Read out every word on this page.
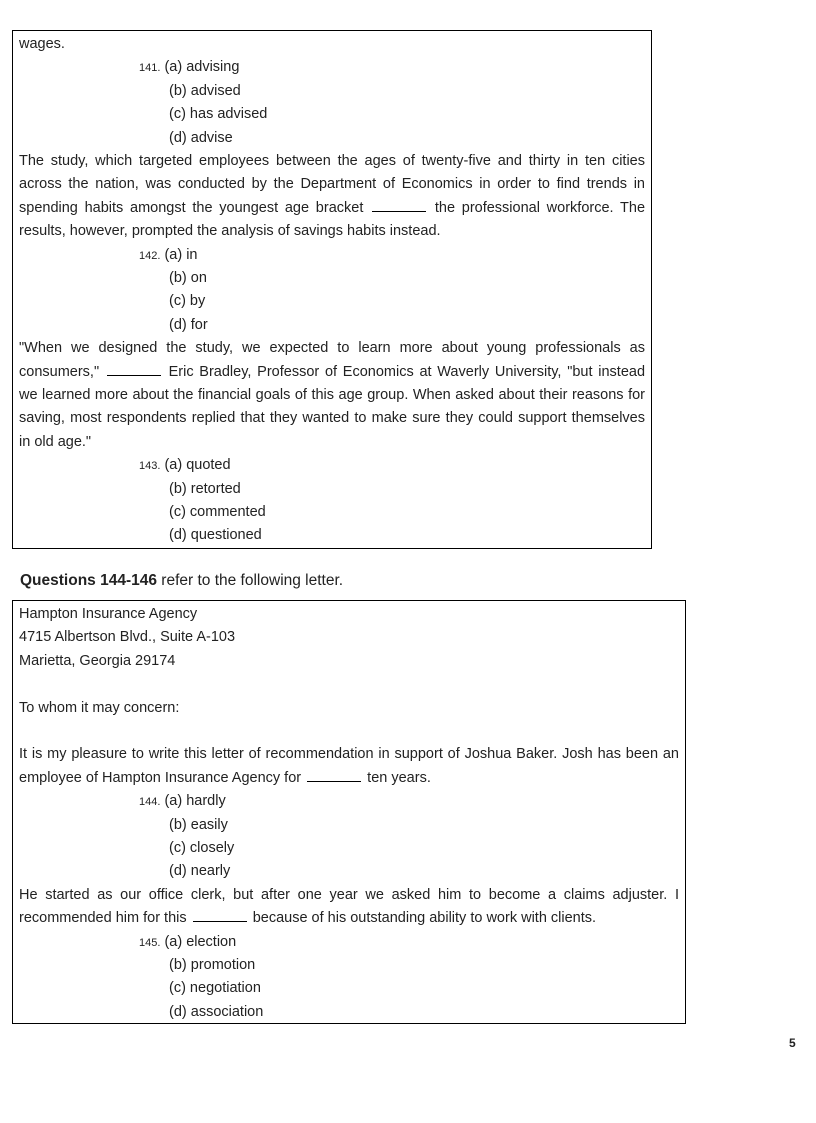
wages.
141. (a) advising
(b) advised
(c) has advised
(d) advise

The study, which targeted employees between the ages of twenty-five and thirty in ten cities across the nation, was conducted by the Department of Economics in order to find trends in spending habits amongst the youngest age bracket	the professional workforce. The results, however, prompted the analysis of savings habits instead.

142. (a) in
(b) on
(c) by
(d) for

"When we designed the study, we expected to learn more about young professionals as consumers,"	Eric Bradley, Professor of Economics at Waverly University, "but instead we learned more about the financial goals of this age group. When asked about their reasons for saving, most respondents replied that they wanted to make sure they could support themselves in old age."

143. (a) quoted
(b) retorted
(c) commented
(d) questioned
Questions 144-146 refer to the following letter.
Hampton Insurance Agency
4715 Albertson Blvd., Suite A-103
Marietta, Georgia 29174
To whom it may concern:

It is my pleasure to write this letter of recommendation in support of Joshua Baker. Josh has been an employee of Hampton Insurance Agency for	ten years.

144. (a) hardly
(b) easily
(c) closely
(d) nearly

He started as our office clerk, but after one year we asked him to become a claims adjuster. I recommended him for this	because of his outstanding ability to work with clients.

145. (a) election
(b) promotion
(c) negotiation
(d) association
5
